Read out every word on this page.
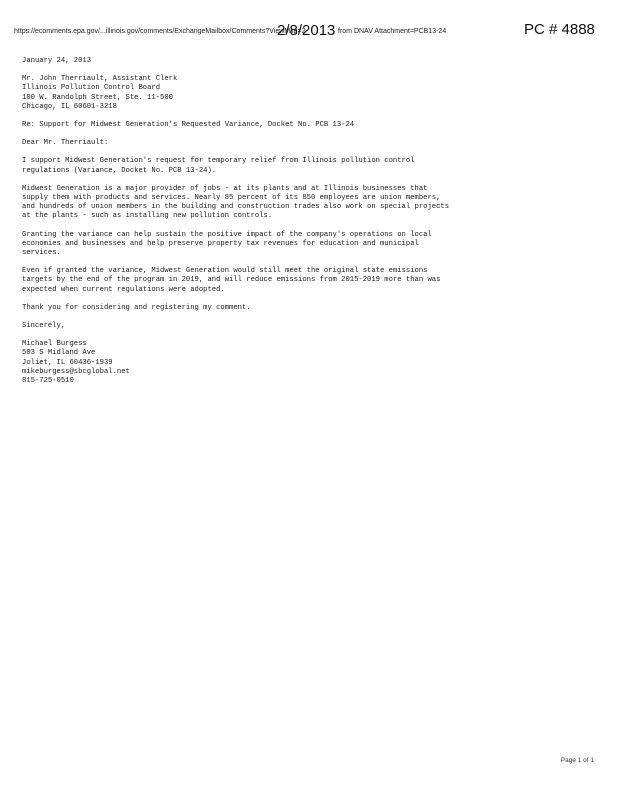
https://ecomments.epa.gov/...illinois.gov/comments/ExchangeMailbox/Comments?ViewMsg=2
2/8/2013 from DNAV Attachment=PCB13-24	PC # 4888
January 24, 2013
Mr. John Therriault, Assistant Clerk
Illinois Pollution Control Board
100 W. Randolph Street, Ste. 11-500
Chicago, IL 60601-3218
Re: Support for Midwest Generation's Requested Variance, Docket No. PCB 13-24
Dear Mr. Therriault:
I support Midwest Generation's request for temporary relief from Illinois pollution control
regulations (Variance, Docket No. PCB 13-24).
Midwest Generation is a major provider of jobs - at its plants and at Illinois businesses that
supply them with products and services. Nearly 85 percent of its 850 employees are union members,
and hundreds of union members in the building and construction trades also work on special projects
at the plants - such as installing new pollution controls.
Granting the variance can help sustain the positive impact of the company's operations on local
economies and businesses and help preserve property tax revenues for education and municipal
services.
Even if granted the variance, Midwest Generation would still meet the original state emissions
targets by the end of the program in 2019, and will reduce emissions from 2015-2019 more than was
expected when current regulations were adopted.
Thank you for considering and registering my comment.
Sincerely,
Michael Burgess
503 S Midland Ave
Joliet, IL 60436-1939
mikeburgess@sbcglobal.net
815-725-0510
Page 1 of 1
